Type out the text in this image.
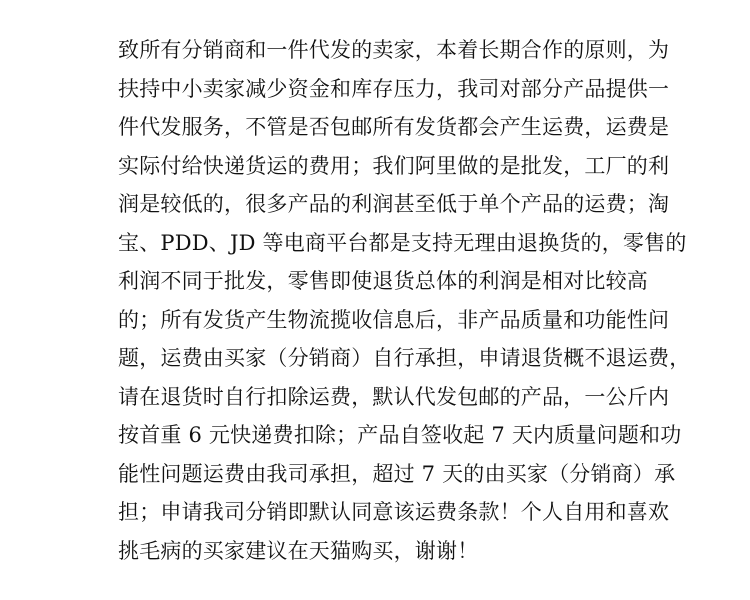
致所有分销商和一件代发的卖家，本着长期合作的原则，为
扶持中小卖家减少资金和库存压力，我司对部分产品提供一
件代发服务，不管是否包邮所有发货都会产生运费，运费是
实际付给快递货运的费用；我们阿里做的是批发，工厂的利
润是较低的，很多产品的利润甚至低于单个产品的运费；淘
宝、PDD、JD 等电商平台都是支持无理由退换货的，零售的
利润不同于批发，零售即使退货总体的利润是相对比较高
的；所有发货产生物流揽收信息后，非产品质量和功能性问
题，运费由买家（分销商）自行承担，申请退货概不退运费，
请在退货时自行扣除运费，默认代发包邮的产品，一公斤内
按首重 6 元快递费扣除；产品自签收起 7 天内质量问题和功
能性问题运费由我司承担，超过 7 天的由买家（分销商）承
担；申请我司分销即默认同意该运费条款！个人自用和喜欢
挑毛病的买家建议在天猫购买，谢谢！
